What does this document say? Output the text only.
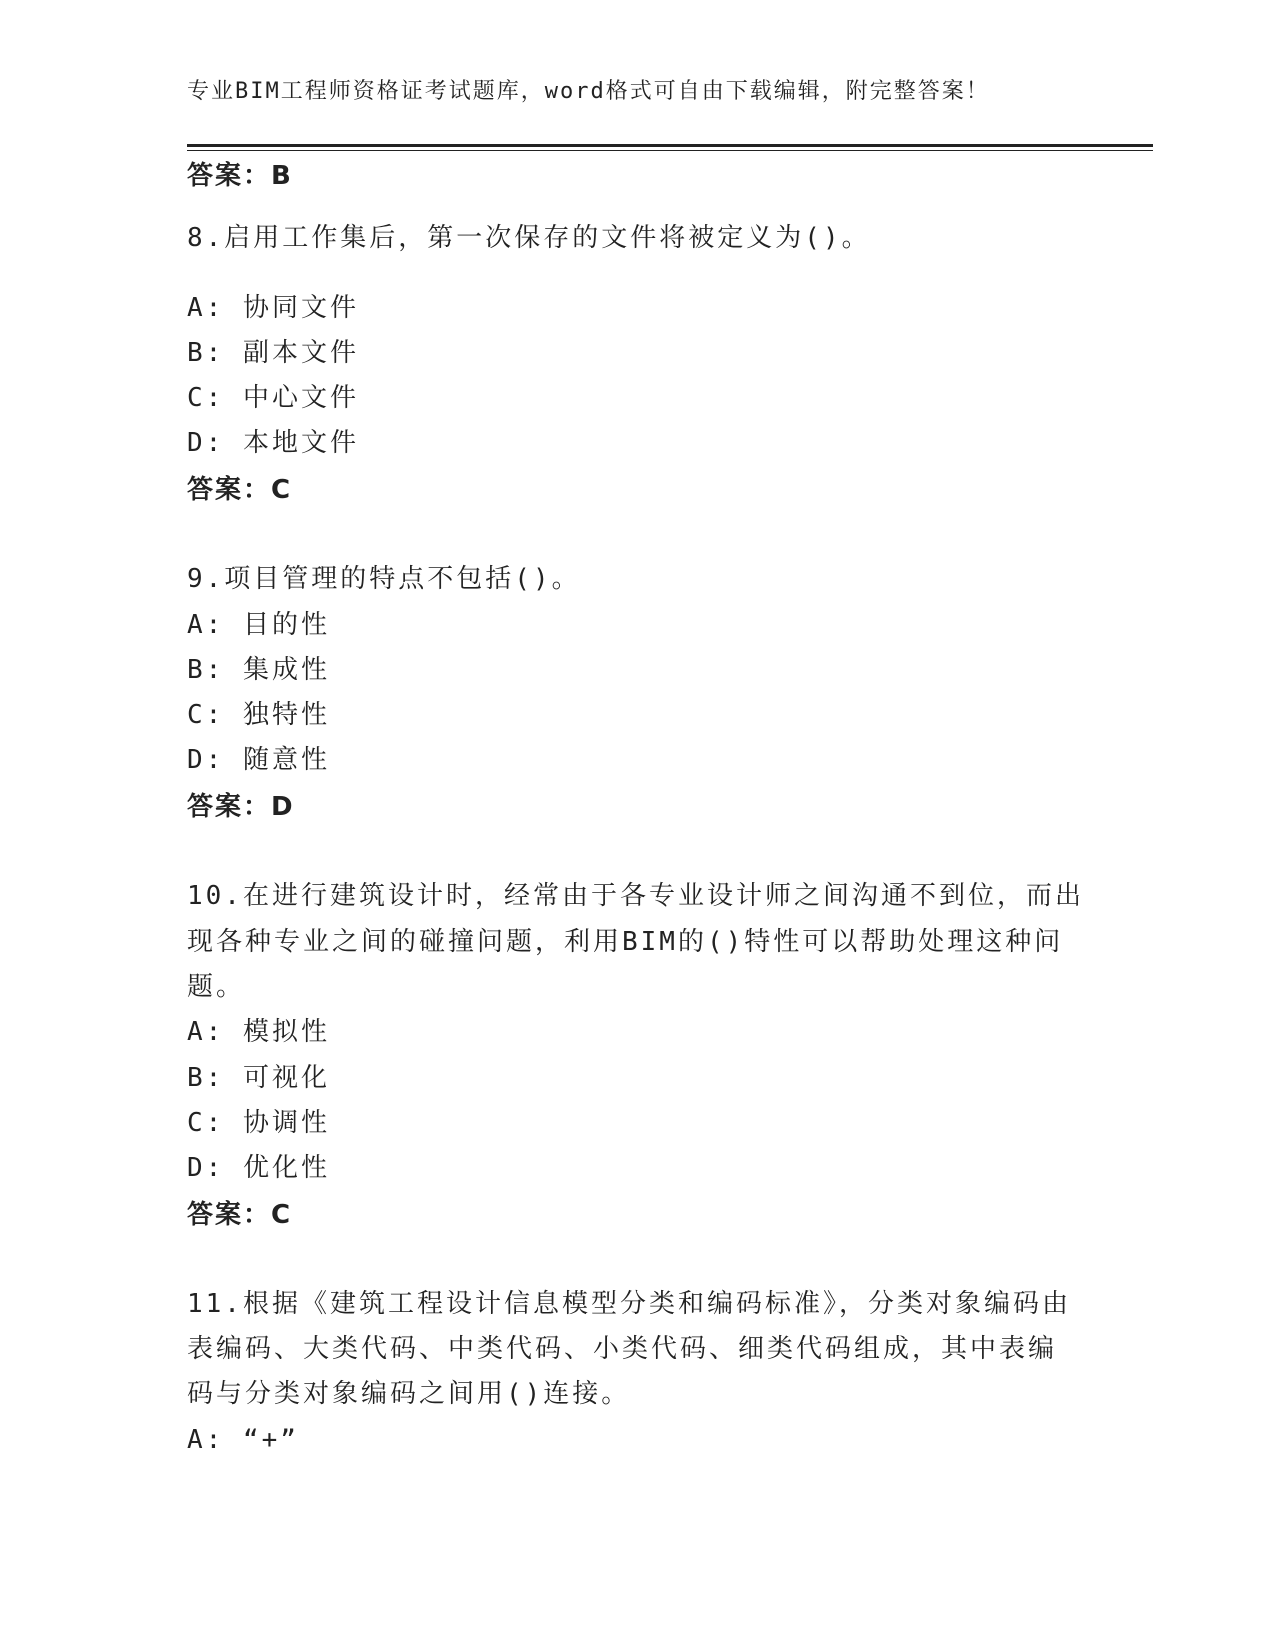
专业BIM工程师资格证考试题库，word格式可自由下载编辑，附完整答案！
答案：B
8.启用工作集后，第一次保存的文件将被定义为()。
A: 协同文件
B: 副本文件
C: 中心文件
D: 本地文件
答案：C
9.项目管理的特点不包括()。
A: 目的性
B: 集成性
C: 独特性
D: 随意性
答案：D
10.在进行建筑设计时，经常由于各专业设计师之间沟通不到位，而出
现各种专业之间的碰撞问题，利用BIM的()特性可以帮助处理这种问
题。
A: 模拟性
B: 可视化
C: 协调性
D: 优化性
答案：C
11.根据《建筑工程设计信息模型分类和编码标准》，分类对象编码由
表编码、大类代码、中类代码、小类代码、细类代码组成，其中表编
码与分类对象编码之间用()连接。
A: “+”
